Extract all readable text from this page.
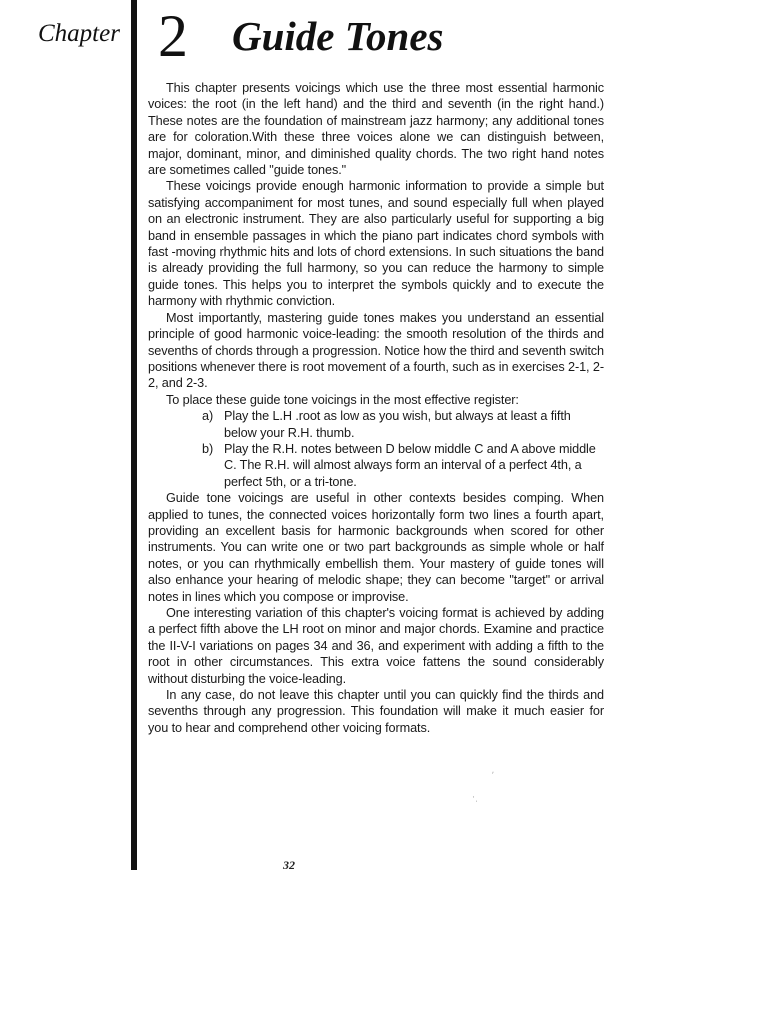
Chapter 2 Guide Tones

This chapter presents voicings which use the three most essential harmonic voices: the root (in the left hand) and the third and seventh (in the right hand.) These notes are the foundation of mainstream jazz harmony; any additional tones are for coloration.With these three voices alone we can distinguish between, major, dominant, minor, and diminished quality chords. The two right hand notes are sometimes called "guide tones."

These voicings provide enough harmonic information to provide a simple but satisfying accompaniment for most tunes, and sound especially full when played on an electronic instrument. They are also particularly useful for supporting a big band in ensemble passages in which the piano part indicates chord symbols with fast -moving rhythmic hits and lots of chord extensions. In such situations the band is already providing the full harmony, so you can reduce the harmony to simple guide tones. This helps you to interpret the symbols quickly and to execute the harmony with rhythmic conviction.

Most importantly, mastering guide tones makes you understand an essential principle of good harmonic voice-leading: the smooth resolution of the thirds and sevenths of chords through a progression. Notice how the third and seventh switch positions whenever there is root movement of a fourth, such as in exercises 2-1, 2-2, and 2-3.

To place these guide tone voicings in the most effective register:

a) Play the L.H .root as low as you wish, but always at least a fifth below your R.H. thumb.
b) Play the R.H. notes between D below middle C and A above middle C. The R.H. will almost always form an interval of a perfect 4th, a perfect 5th, or a tri-tone.

Guide tone voicings are useful in other contexts besides comping. When applied to tunes, the connected voices horizontally form two lines a fourth apart, providing an excellent basis for harmonic backgrounds when scored for other instruments. You can write one or two part backgrounds as simple whole or half notes, or you can rhythmically embellish them. Your mastery of guide tones will also enhance your hearing of melodic shape; they can become "target" or arrival notes in lines which you compose or improvise.

One interesting variation of this chapter's voicing format is achieved by adding a perfect fifth above the LH root on minor and major chords. Examine and practice the II-V-I variations on pages 34 and 36, and experiment with adding a fifth to the root in other circumstances. This extra voice fattens the sound considerably without disturbing the voice-leading.

In any case, do not leave this chapter until you can quickly find the thirds and sevenths through any progression. This foundation will make it much easier for you to hear and comprehend other voicing formats.

ʹ
·ˌ
32
